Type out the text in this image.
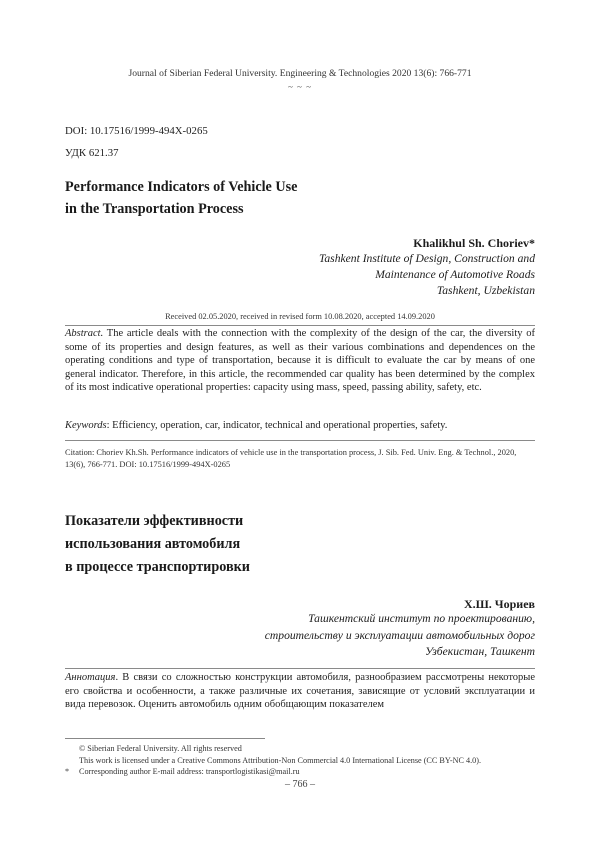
Journal of Siberian Federal University. Engineering & Technologies 2020 13(6): 766-771
~ ~ ~
DOI: 10.17516/1999-494X-0265
УДК 621.37
Performance Indicators of Vehicle Use
in the Transportation Process
Khalikhul Sh. Choriev*
Tashkent Institute of Design, Construction and
Maintenance of Automotive Roads
Tashkent, Uzbekistan
Received 02.05.2020, received in revised form 10.08.2020, accepted 14.09.2020

Abstract. The article deals with the connection with the complexity of the design of the car, the diversity of some of its properties and design features, as well as their various combinations and dependences on the operating conditions and type of transportation, because it is difficult to evaluate the car by means of one general indicator. Therefore, in this article, the recommended car quality has been determined by the complex of its most indicative operational properties: capacity using mass, speed, passing ability, safety, etc.

Keywords: Efficiency, operation, car, indicator, technical and operational properties, safety.

Citation: Choriev Kh.Sh. Performance indicators of vehicle use in the transportation process, J. Sib. Fed. Univ. Eng. & Technol., 2020, 13(6), 766-771. DOI: 10.17516/1999-494X-0265
Показатели эффективности
использования автомобиля
в процессе транспортировки
Х.Ш. Чориев
Ташкентский институт по проектированию,
строительству и эксплуатации автомобильных дорог
Узбекистан, Ташкент

Аннотация. В связи со сложностью конструкции автомобиля, разнообразием рассмотрены некоторые его свойства и особенности, а также различные их сочетания, зависящие от условий эксплуатации и вида перевозок. Оценить автомобиль одним обобщающим показателем

© Siberian Federal University. All rights reserved
This work is licensed under a Creative Commons Attribution-Non Commercial 4.0 International License (CC BY-NC 4.0).
*	Corresponding author E-mail address: transportlogistikasi@mail.ru
– 766 –
